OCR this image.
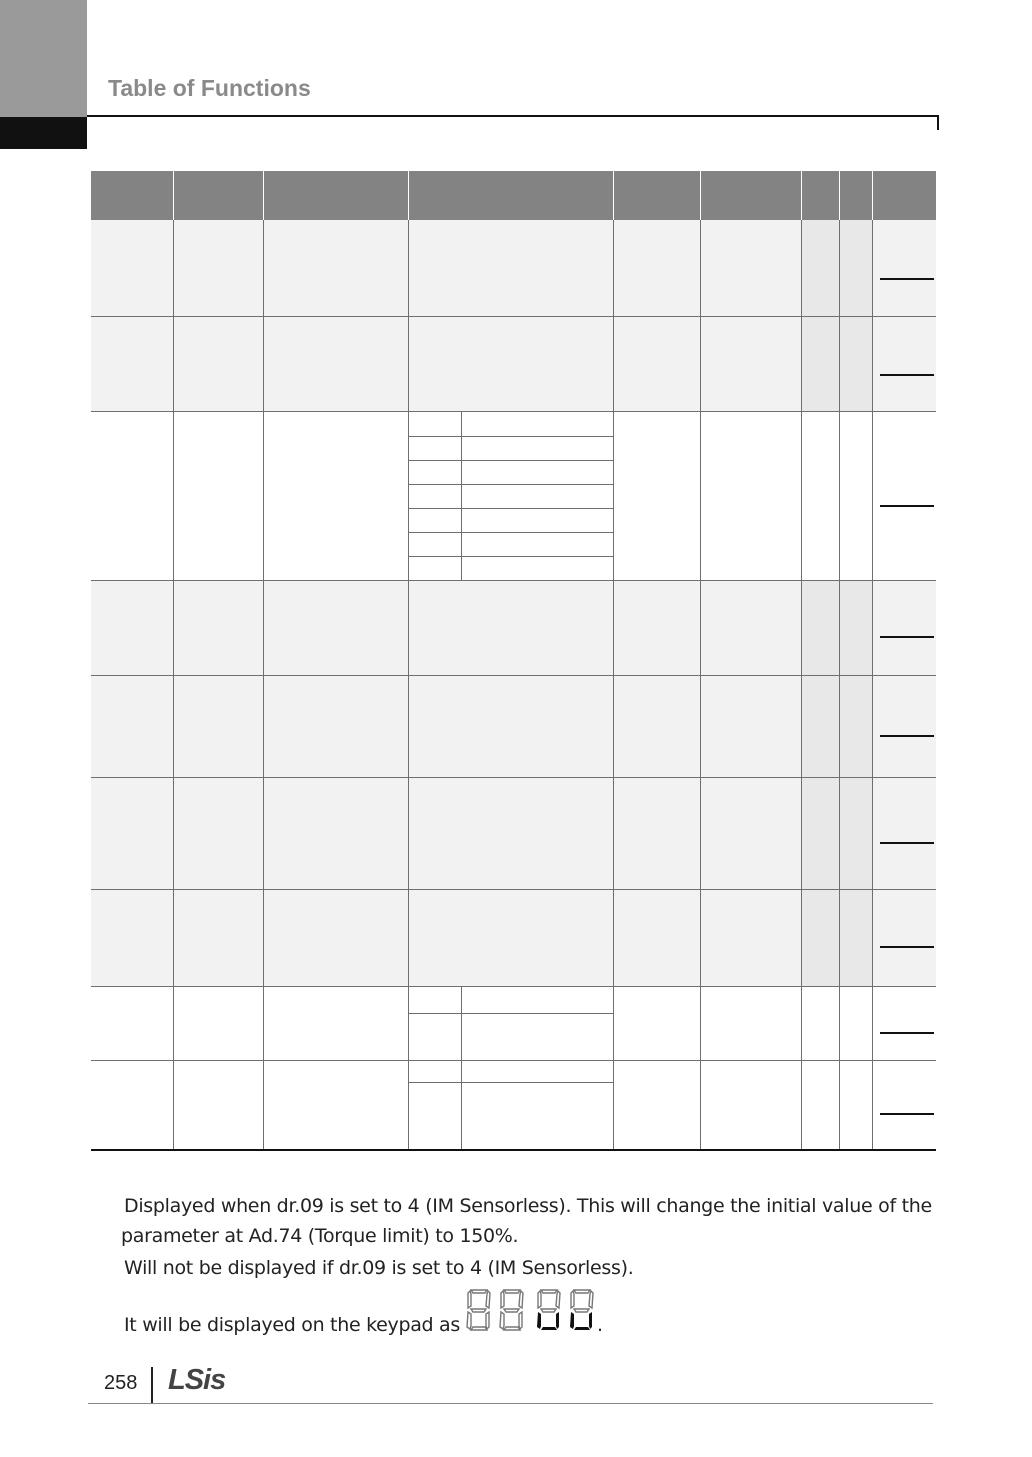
Table of Functions
Displayed when dr.09 is set to 4 (IM Sensorless). This will change the initial value of the
parameter at Ad.74 (Torque limit) to 150%.
Will not be displayed if dr.09 is set to 4 (IM Sensorless).
It will be displayed on the keypad as	.
258 LSis
